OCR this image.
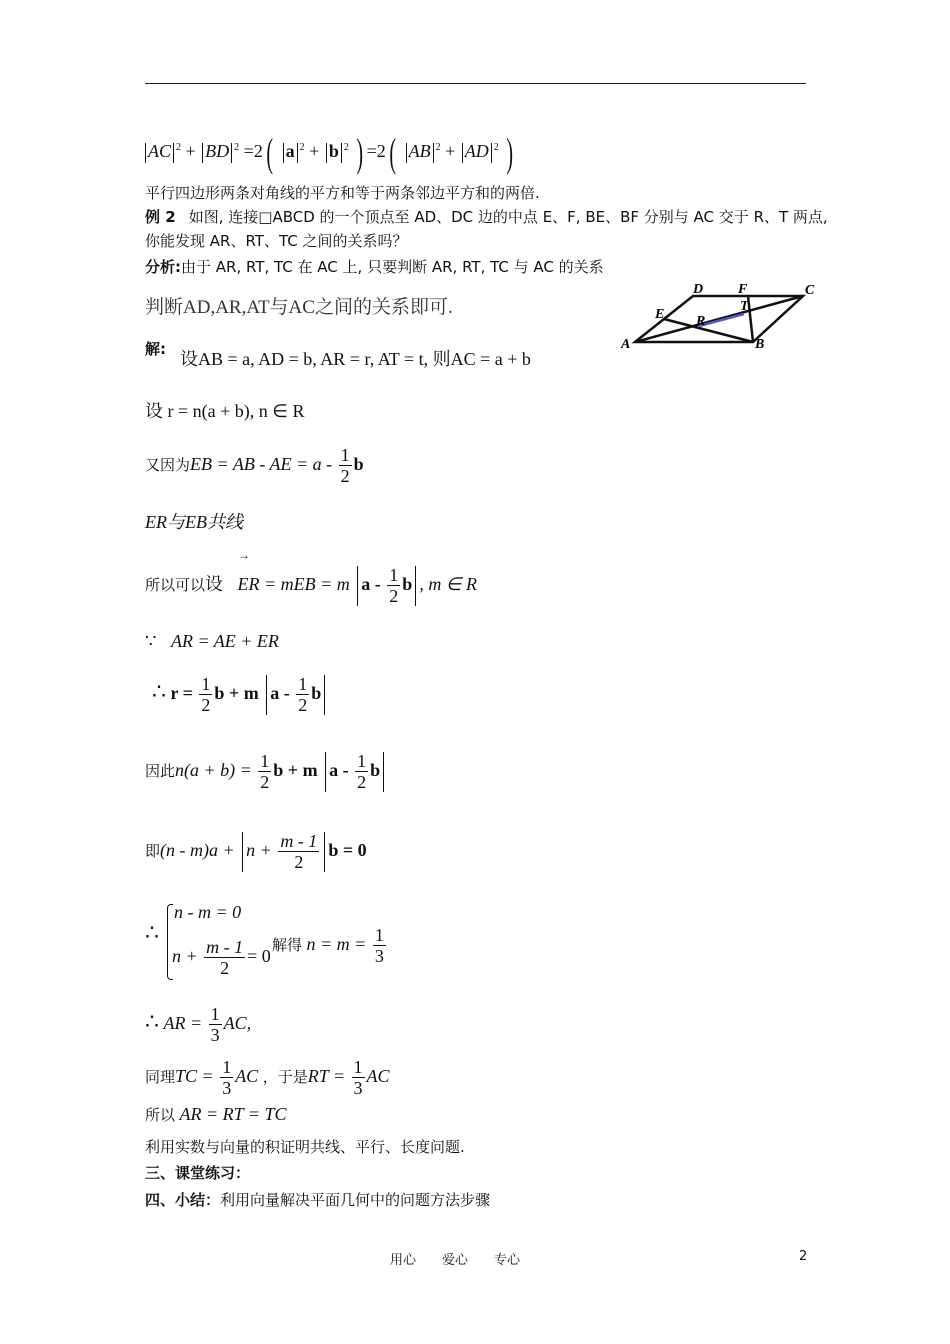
AC $^2$ + BD $^2$ =2( a $^2$ + b $^2$ ) =2( AB $^2$ + AD $^2$ )
平行四边形两条对角线的平方和等于两条邻边平方和的两倍.
例 2 如图, 连接□ABCD 的一个顶点至 AD、DC 边的中点 E、F, BE、BF 分别与 AC 交于 R、T 两点,
你能发现 AR、RT、TC 之间的关系吗？
分析:由于 AR, RT, TC 在 AC 上, 只要判断 AR, RT, TC 与 AC 的关系
判断AD,AR,AT与AC之间的关系即可.
A	B
C
D
E
F
R
T
解: 设AB = a, AD = b, AR = r, AT = t, 则AC = a + b
设 r = n(a + b), n ∈ R
又因为EB = AB - AE = a - $\frac{1}{2}$ b
ER与EB共线
→
所以可以设 ER = mEB = m a - $\frac{1}{2}$ b , m ∈ R
∵ AR = AE + ER
∴ $r = \frac{1}{2}$ b + m a - $\frac{1}{2}$ b
因此$n(a + b) = \frac{1}{2}$ b + m a - $\frac{1}{2}$ b
即$(n - m)a + n + \frac{m - 1}{2}$ b = 0
∴
n - m = 0
$n + \frac{m - 1}{2} = 0$
解得 $n = m = \frac{1}{3}$
∴ AR = $\frac{1}{3}$ AC,
同理TC = $\frac{1}{3}$ AC ，于是RT = $\frac{1}{3}$ AC
所以 AR = RT = TC
利用实数与向量的积证明共线、平行、长度问题.
三、课堂练习：
四、小结：利用向量解决平面几何中的问题方法步骤
用心　　爱心　　专心	2
